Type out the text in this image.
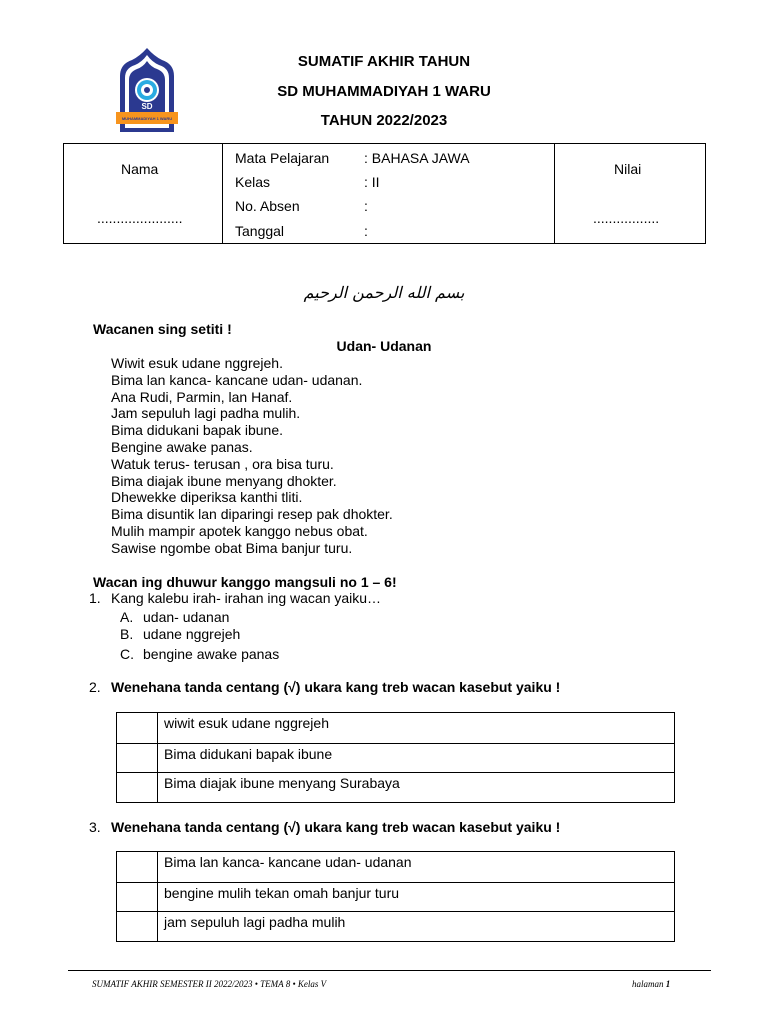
SUMATIF AKHIR TAHUN
SD MUHAMMADIYAH 1 WARU
TAHUN 2022/2023
SD
MUHAMMADIYAH 1 WARU
Nama
......................
Mata Pelajaran : BAHASA JAWA
Kelas	: II
No. Absen	:
Tanggal	:
Nilai
.................
بسم الله الرحمن الرحيم
Wacanen sing setiti !
Udan- Udanan
Wiwit esuk udane nggrejeh.
Bima lan kanca- kancane udan- udanan.
Ana Rudi, Parmin, lan Hanaf.
Jam sepuluh lagi padha mulih.
Bima didukani bapak ibune.
Bengine awake panas.
Watuk terus- terusan , ora bisa turu.
Bima diajak ibune menyang dhokter.
Dhewekke diperiksa kanthi tliti.
Bima disuntik lan diparingi resep pak dhokter.
Mulih mampir apotek kanggo nebus obat.
Sawise ngombe obat Bima banjur turu.
Wacan ing dhuwur kanggo mangsuli no 1 – 6!
1. Kang kalebu irah- irahan ing wacan yaiku…
A. udan- udanan
B. udane nggrejeh
C. bengine awake panas
2. Wenehana tanda centang (√) ukara kang treb wacan kasebut yaiku !
wiwit esuk udane nggrejeh
Bima didukani bapak ibune
Bima diajak ibune menyang Surabaya
3. Wenehana tanda centang (√) ukara kang treb wacan kasebut yaiku !
Bima lan kanca- kancane udan- udanan
bengine mulih tekan omah banjur turu
jam sepuluh lagi padha mulih
SUMATIF AKHIR SEMESTER II 2022/2023 • TEMA 8 • Kelas V	halaman 1
